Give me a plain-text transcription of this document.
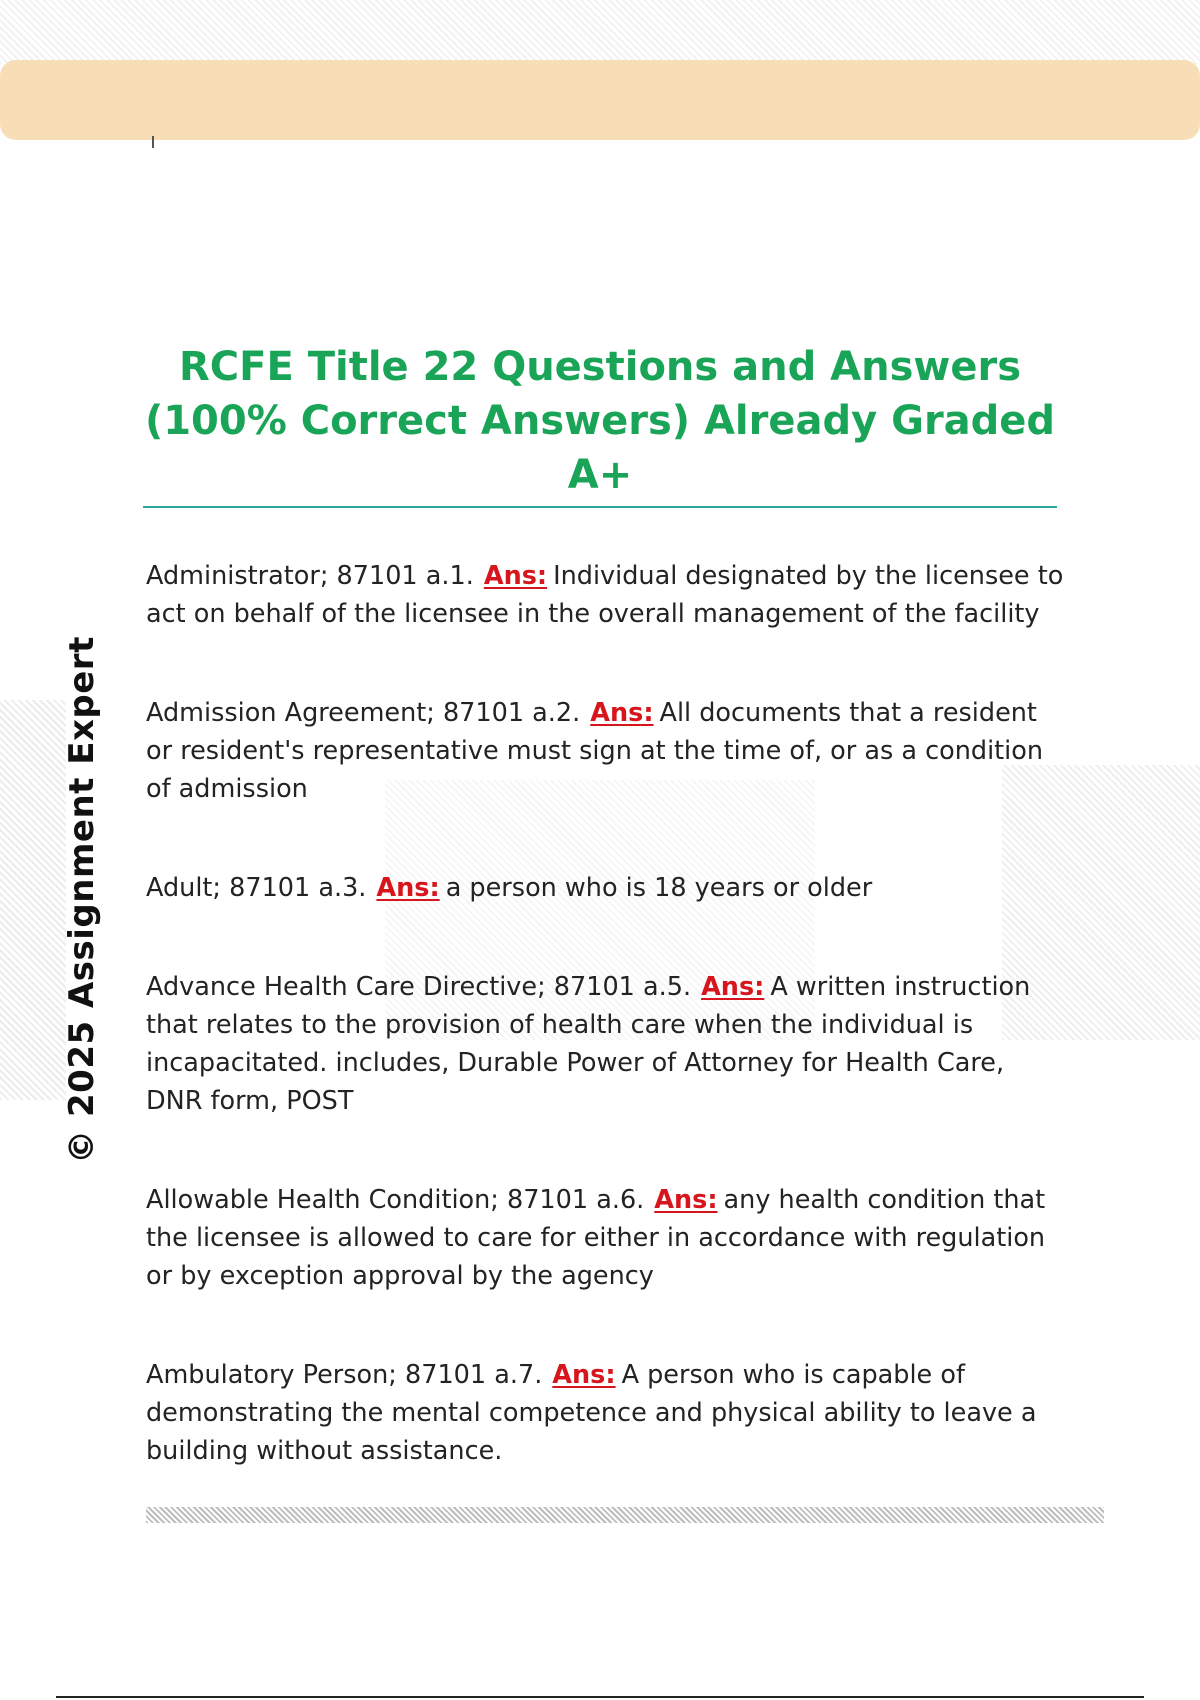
© 2025 Assignment Expert
RCFE Title 22 Questions and Answers
(100% Correct Answers) Already Graded
A+
Administrator; 87101 a.1. Ans: Individual designated by the licensee to act on behalf of the licensee in the overall management of the facility
Admission Agreement; 87101 a.2. Ans: All documents that a resident or resident's representative must sign at the time of, or as a condition of admission
Adult; 87101 a.3. Ans: a person who is 18 years or older
Advance Health Care Directive; 87101 a.5. Ans: A written instruction that relates to the provision of health care when the individual is incapacitated. includes, Durable Power of Attorney for Health Care, DNR form, POST
Allowable Health Condition; 87101 a.6. Ans: any health condition that the licensee is allowed to care for either in accordance with regulation or by exception approval by the agency
Ambulatory Person; 87101 a.7. Ans: A person who is capable of demonstrating the mental competence and physical ability to leave a building without assistance.
